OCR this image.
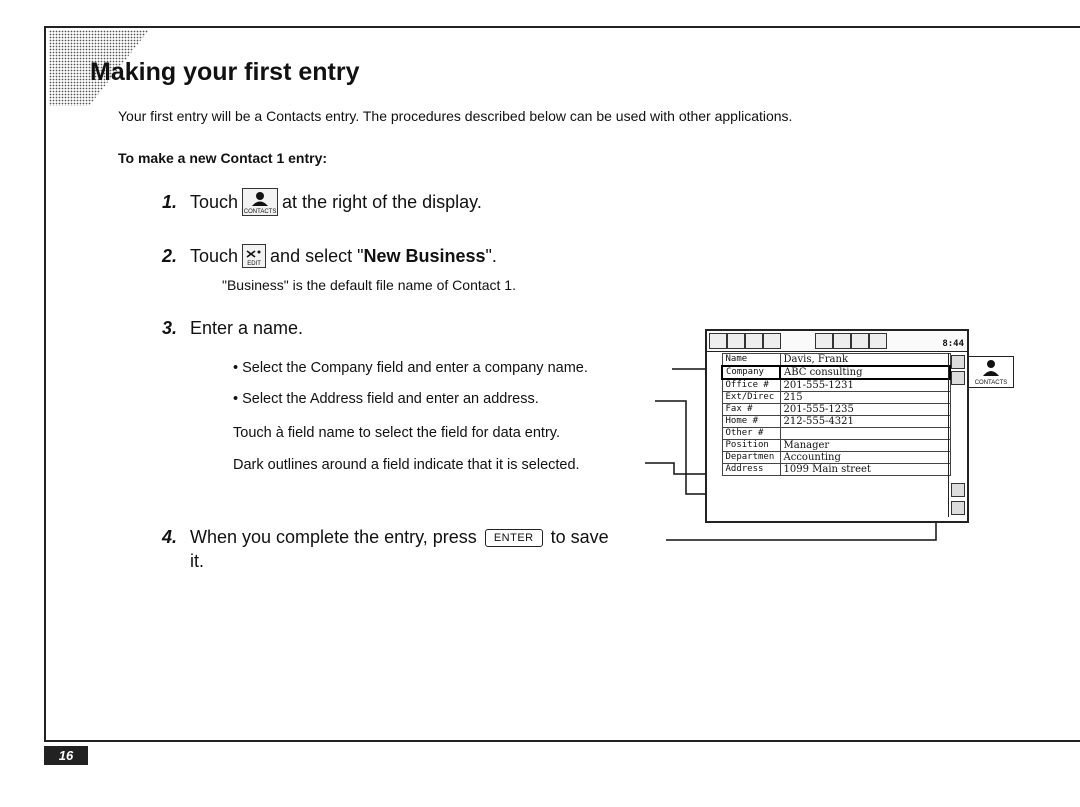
Making your first entry
Your first entry will be a Contacts entry. The procedures described below can be used with other applications.
To make a new Contact 1 entry:
1. Touch
CONTACTS
at the right of the display.
2. Touch	EDIT and select " New Business ".
"Business" is the default file name of Contact 1.
3. Enter a name.
• Select the Company field and enter a company name.
• Select the Address field and enter an address.
Touch à field name to select the field for data entry.
Dark outlines around a field indicate that it is selected.
4. When you complete the entry, press	ENTER to save
it.
8:44
Name	Davis, Frank
Company	ABC consulting
Office #	201-555-1231
Ext/Direc	215
Fax #	201-555-1235
Home #	212-555-4321
Other #	
Position	Manager
Departmen	Accounting
Address	1099 Main street
CONTACTS
16
